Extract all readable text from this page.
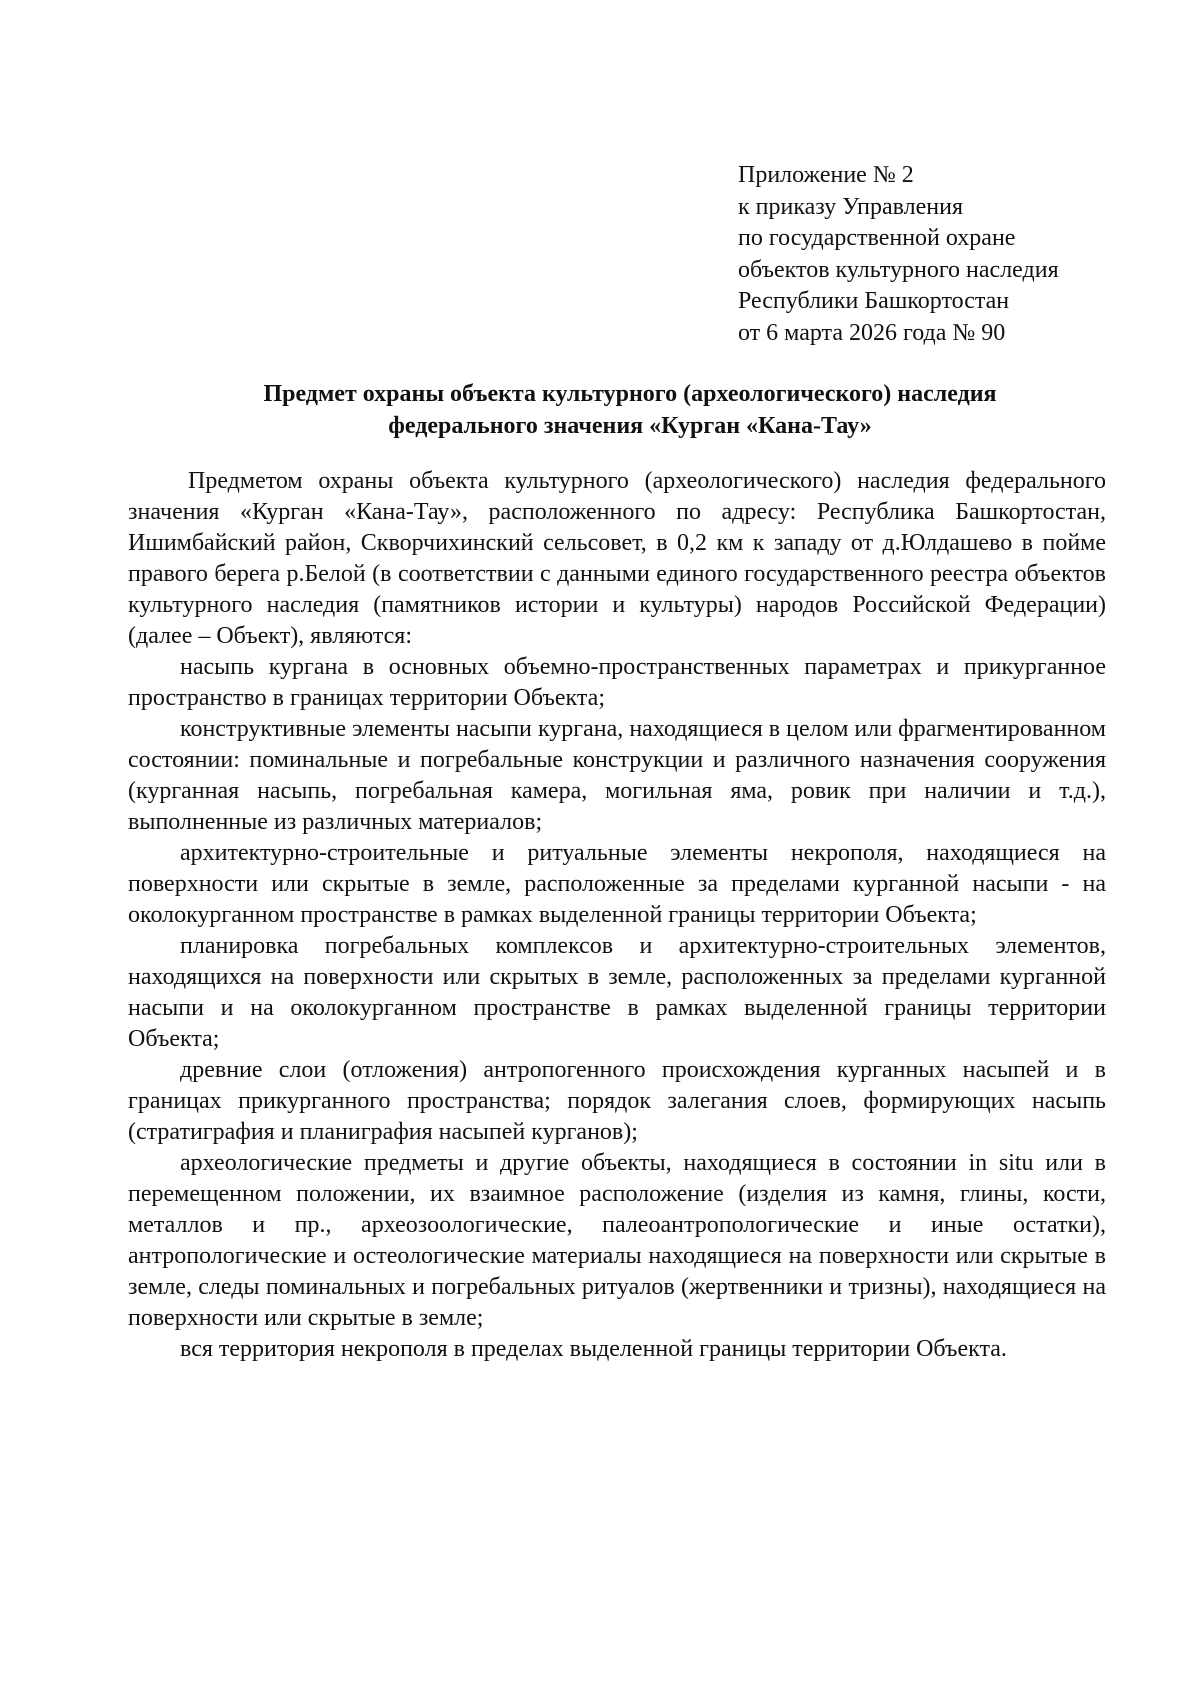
Приложение № 2
к приказу Управления
по государственной охране
объектов культурного наследия
Республики Башкортостан
от 6 марта 2026 года № 90
Предмет охраны объекта культурного (археологического) наследия
федерального значения «Курган «Кана-Тау»

Предметом охраны объекта культурного (археологического) наследия федерального значения «Курган «Кана-Тау», расположенного по адресу: Республика Башкортостан, Ишимбайский район, Скворчихинский сельсовет, в 0,2 км к западу от д.Юлдашево в пойме правого берега р.Белой (в соответствии с данными единого государственного реестра объектов культурного наследия (памятников истории и культуры) народов Российской Федерации) (далее – Объект), являются:

насыпь кургана в основных объемно-пространственных параметрах и прикурганное пространство в границах территории Объекта;

конструктивные элементы насыпи кургана, находящиеся в целом или фрагментированном состоянии: поминальные и погребальные конструкции и различного назначения сооружения (курганная насыпь, погребальная камера, могильная яма, ровик при наличии и т.д.), выполненные из различных материалов;

архитектурно-строительные и ритуальные элементы некрополя, находящиеся на поверхности или скрытые в земле, расположенные за пределами курганной насыпи - на околокурганном пространстве в рамках выделенной границы территории Объекта;

планировка погребальных комплексов и архитектурно-строительных элементов, находящихся на поверхности или скрытых в земле, расположенных за пределами курганной насыпи и на околокурганном пространстве в рамках выделенной границы территории Объекта;

древние слои (отложения) антропогенного происхождения курганных насыпей и в границах прикурганного пространства; порядок залегания слоев, формирующих насыпь (стратиграфия и планиграфия насыпей курганов);

археологические предметы и другие объекты, находящиеся в состоянии in situ или в перемещенном положении, их взаимное расположение (изделия из камня, глины, кости, металлов и пр., археозоологические, палеоантропологические и иные остатки), антропологические и остеологические материалы находящиеся на поверхности или скрытые в земле, следы поминальных и погребальных ритуалов (жертвенники и тризны), находящиеся на поверхности или скрытые в земле;

вся территория некрополя в пределах выделенной границы территории Объекта.
